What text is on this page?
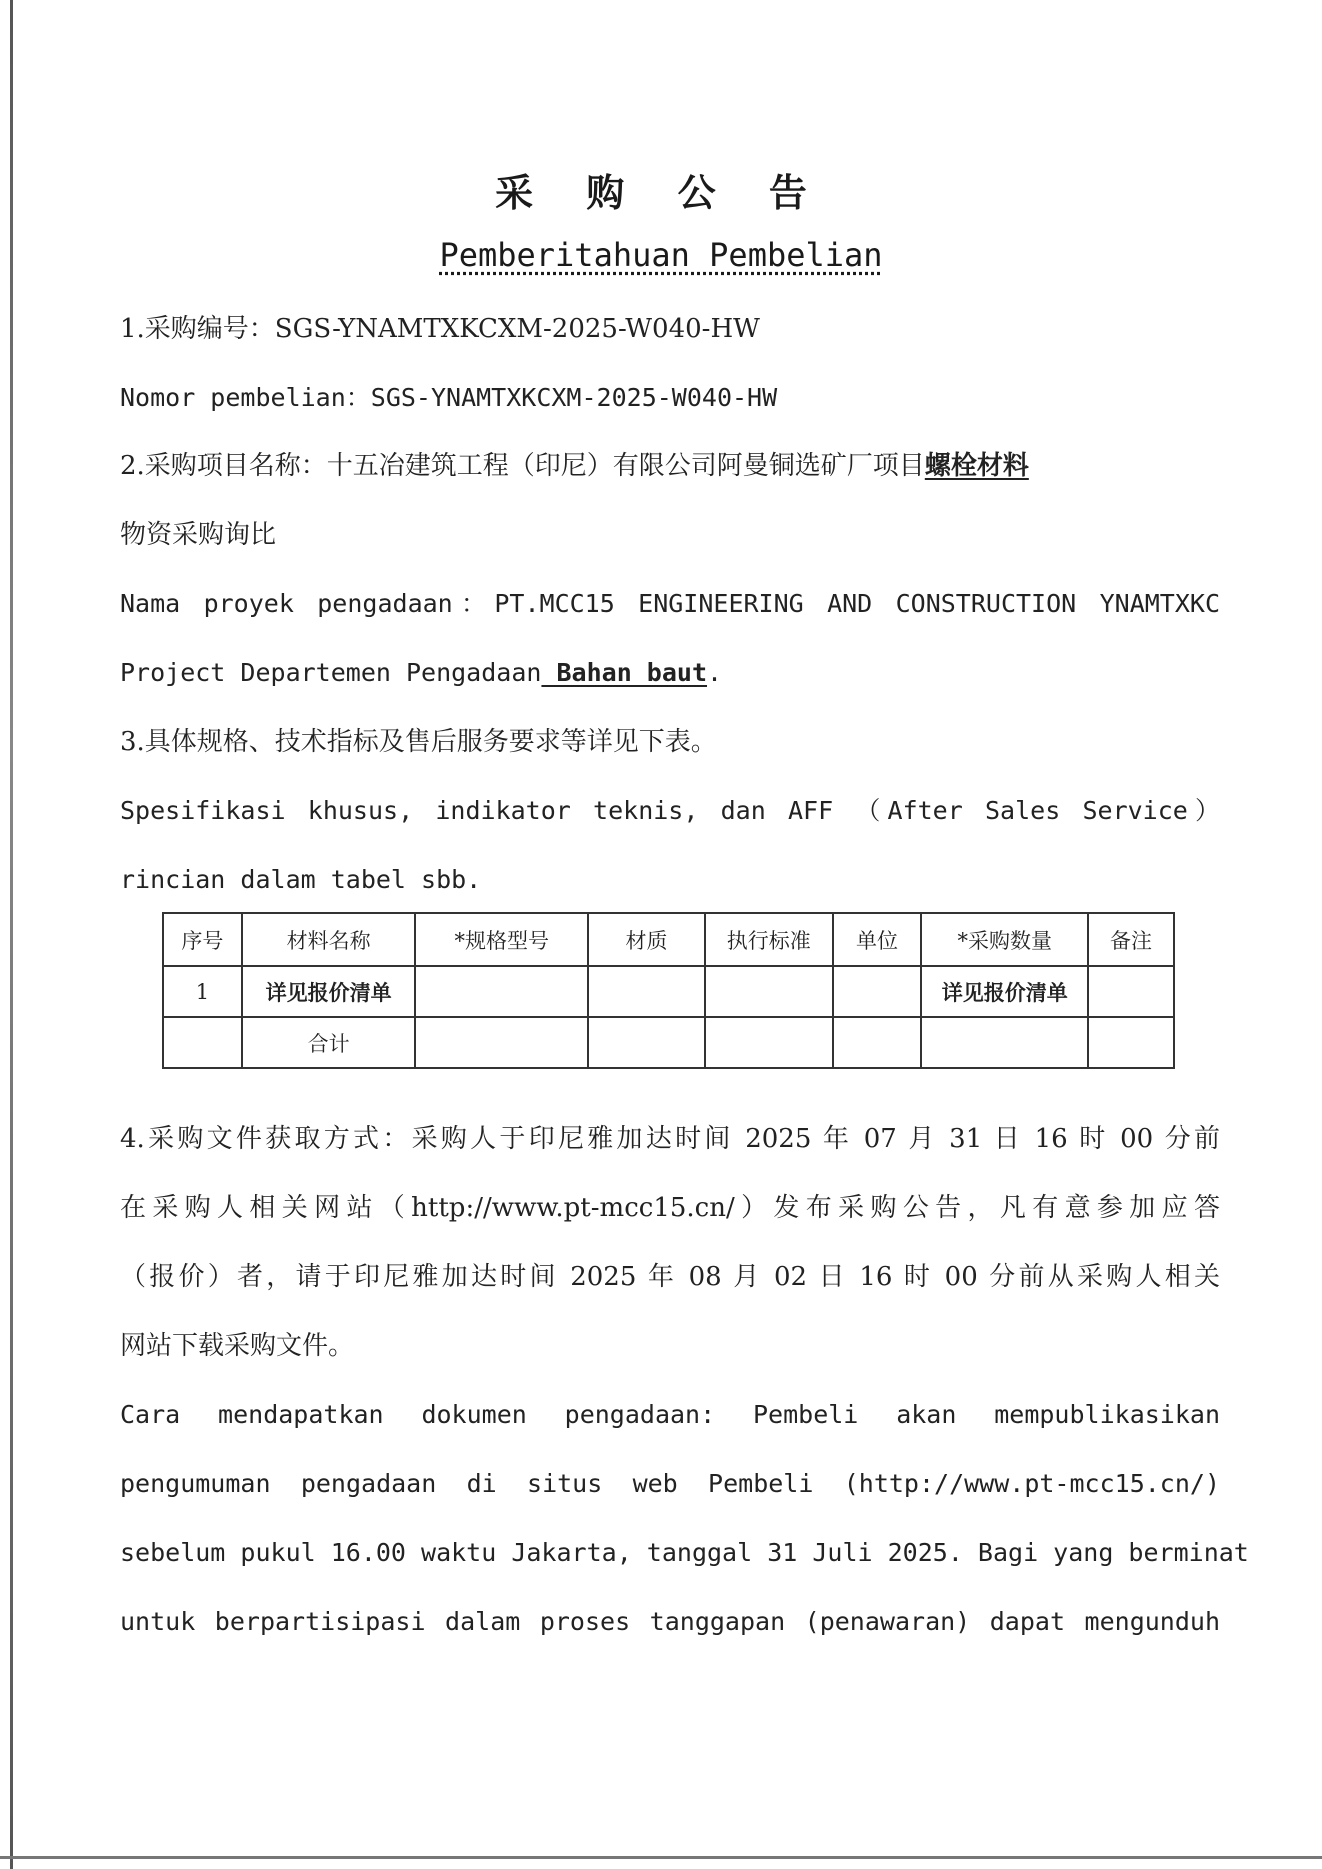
采 购 公 告
Pemberitahuan Pembelian
1.采购编号：SGS-YNAMTXKCXM-2025-W040-HW
Nomor pembelian：SGS-YNAMTXKCXM-2025-W040-HW
2.采购项目名称：十五冶建筑工程（印尼）有限公司阿曼铜选矿厂项目螺栓材料
物资采购询比
Nama proyek pengadaan：PT.MCC15 ENGINEERING AND CONSTRUCTION YNAMTXKC
Project Departemen Pengadaan Bahan baut.
3.具体规格、技术指标及售后服务要求等详见下表。
Spesifikasi khusus, indikator teknis, dan AFF （After Sales Service）
rincian dalam tabel sbb.
序号	材料名称	*规格型号	材质	执行标准	单位	*采购数量	备注
1	详见报价清单					详见报价清单	
	合计						
4.采购文件获取方式：采购人于印尼雅加达时间 2025 年 07 月 31 日 16 时 00 分前
在采购人相关网站（http://www.pt-mcc15.cn/）发布采购公告，凡有意参加应答
（报价）者，请于印尼雅加达时间 2025 年 08 月 02 日 16 时 00 分前从采购人相关
网站下载采购文件。
Cara mendapatkan dokumen pengadaan: Pembeli akan mempublikasikan
pengumuman pengadaan di situs web Pembeli (http://www.pt-mcc15.cn/)
sebelum pukul 16.00 waktu Jakarta, tanggal 31 Juli 2025. Bagi yang berminat
untuk berpartisipasi dalam proses tanggapan (penawaran) dapat mengunduh
